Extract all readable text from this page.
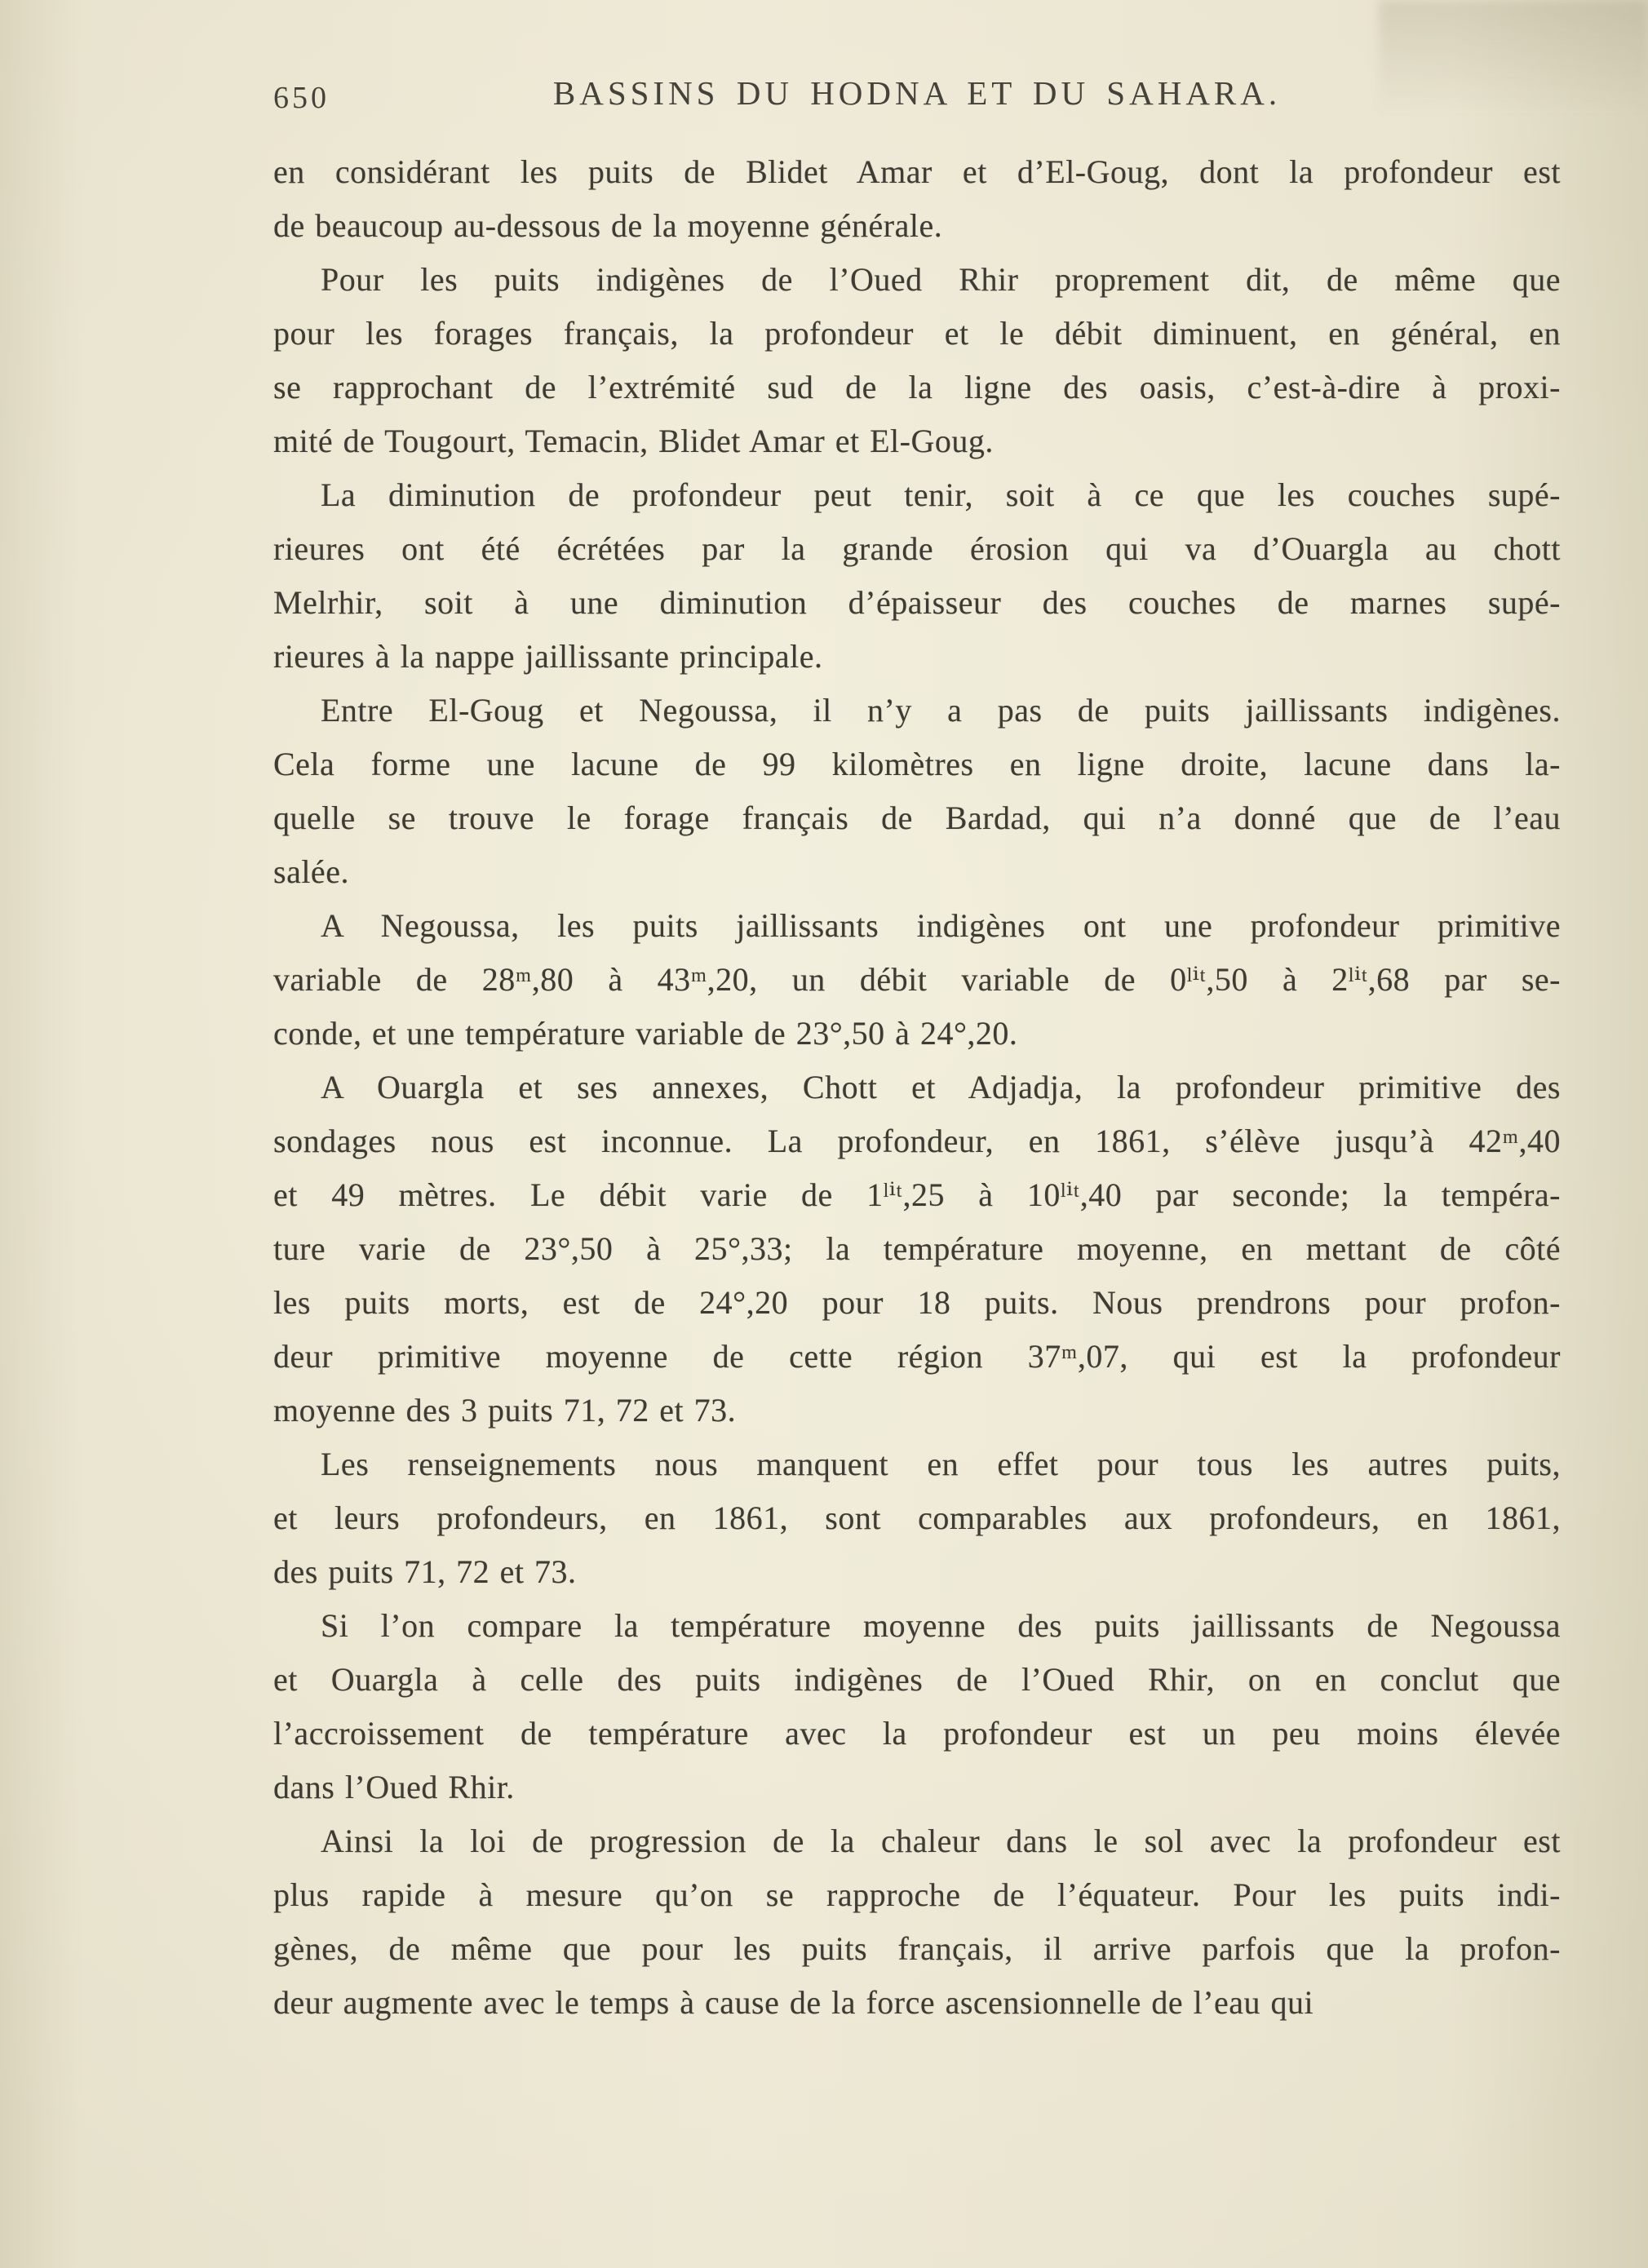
650	BASSINS DU HODNA ET DU SAHARA.
en considérant les puits de Blidet Amar et d’El-Goug, dont la profondeur est
de beaucoup au-dessous de la moyenne générale.
Pour les puits indigènes de l’Oued Rhir proprement dit, de même que
pour les forages français, la profondeur et le débit diminuent, en général, en
se rapprochant de l’extrémité sud de la ligne des oasis, c’est-à-dire à proxi-
mité de Tougourt, Temacin, Blidet Amar et El-Goug.
La diminution de profondeur peut tenir, soit à ce que les couches supé-
rieures ont été écrétées par la grande érosion qui va d’Ouargla au chott
Melrhir, soit à une diminution d’épaisseur des couches de marnes supé-
rieures à la nappe jaillissante principale.
Entre El-Goug et Negoussa, il n’y a pas de puits jaillissants indigènes.
Cela forme une lacune de 99 kilomètres en ligne droite, lacune dans la-
quelle se trouve le forage français de Bardad, qui n’a donné que de l’eau
salée.
A Negoussa, les puits jaillissants indigènes ont une profondeur primitive
variable de 28ᵐ,80 à 43ᵐ,20, un débit variable de 0ˡⁱᵗ,50 à 2ˡⁱᵗ,68 par se-
conde, et une température variable de 23°,50 à 24°,20.
A Ouargla et ses annexes, Chott et Adjadja, la profondeur primitive des
sondages nous est inconnue. La profondeur, en 1861, s’élève jusqu’à 42ᵐ,40
et 49 mètres. Le débit varie de 1ˡⁱᵗ,25 à 10ˡⁱᵗ,40 par seconde; la tempéra-
ture varie de 23°,50 à 25°,33; la température moyenne, en mettant de côté
les puits morts, est de 24°,20 pour 18 puits. Nous prendrons pour profon-
deur primitive moyenne de cette région 37ᵐ,07, qui est la profondeur
moyenne des 3 puits 71, 72 et 73.
Les renseignements nous manquent en effet pour tous les autres puits,
et leurs profondeurs, en 1861, sont comparables aux profondeurs, en 1861,
des puits 71, 72 et 73.
Si l’on compare la température moyenne des puits jaillissants de Negoussa
et Ouargla à celle des puits indigènes de l’Oued Rhir, on en conclut que
l’accroissement de température avec la profondeur est un peu moins élevée
dans l’Oued Rhir.
Ainsi la loi de progression de la chaleur dans le sol avec la profondeur est
plus rapide à mesure qu’on se rapproche de l’équateur. Pour les puits indi-
gènes, de même que pour les puits français, il arrive parfois que la profon-
deur augmente avec le temps à cause de la force ascensionnelle de l’eau qui
